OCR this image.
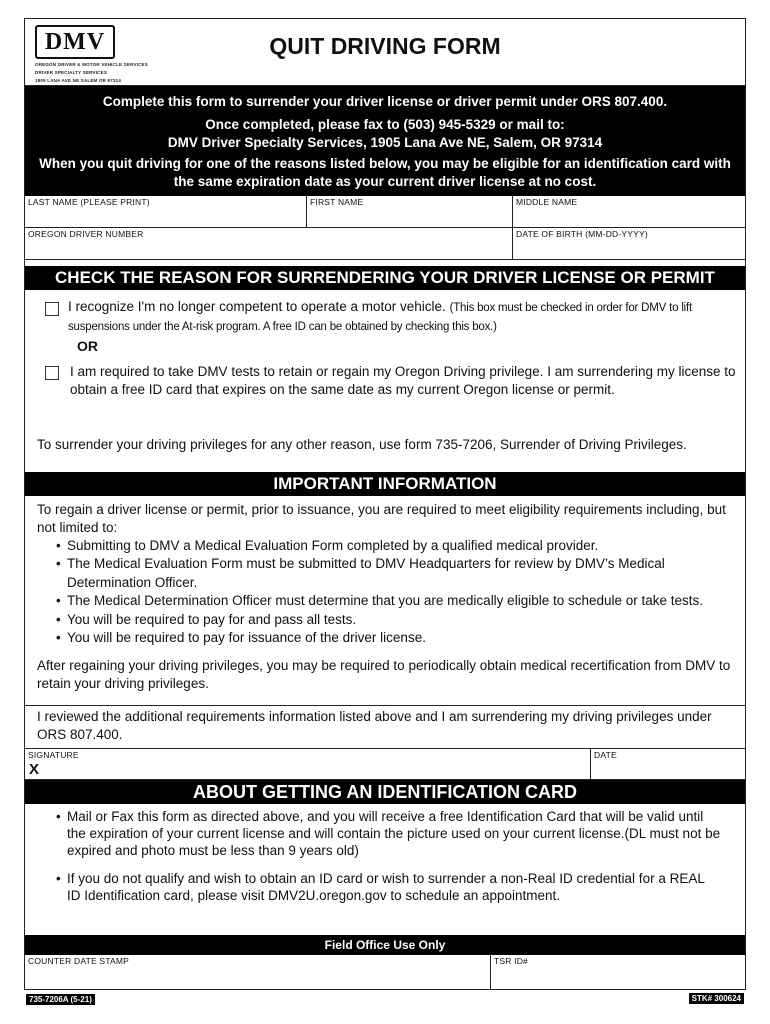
DMV
OREGON DRIVER & MOTOR VEHICLE SERVICES
DRIVER SPECIALTY SERVICES
1905 LANA AVE NE SALEM OR 97314
QUIT DRIVING FORM
Complete this form to surrender your driver license or driver permit under ORS 807.400.
Once completed, please fax to (503) 945-5329 or mail to:
DMV Driver Specialty Services, 1905 Lana Ave NE, Salem, OR 97314
When you quit driving for one of the reasons listed below, you may be eligible for an identification card with the same expiration date as your current driver license at no cost.
LAST NAME (PLEASE PRINT)	FIRST NAME	MIDDLE NAME
OREGON DRIVER NUMBER	DATE OF BIRTH (MM-DD-YYYY)
CHECK THE REASON FOR SURRENDERING YOUR DRIVER LICENSE OR PERMIT
I recognize I'm no longer competent to operate a motor vehicle. (This box must be checked in order for DMV to lift suspensions under the At-risk program. A free ID can be obtained by checking this box.)
OR
I am required to take DMV tests to retain or regain my Oregon Driving privilege. I am surrendering my license to obtain a free ID card that expires on the same date as my current Oregon license or permit.
To surrender your driving privileges for any other reason, use form 735-7206, Surrender of Driving Privileges.
IMPORTANT INFORMATION
To regain a driver license or permit, prior to issuance, you are required to meet eligibility requirements including, but not limited to:
• Submitting to DMV a Medical Evaluation Form completed by a qualified medical provider.
• The Medical Evaluation Form must be submitted to DMV Headquarters for review by DMV’s Medical Determination Officer.
• The Medical Determination Officer must determine that you are medically eligible to schedule or take tests.
• You will be required to pay for and pass all tests.
• You will be required to pay for issuance of the driver license.
After regaining your driving privileges, you may be required to periodically obtain medical recertification from DMV to retain your driving privileges.
I reviewed the additional requirements information listed above and I am surrendering my driving privileges under ORS 807.400.
SIGNATURE
X
DATE
ABOUT GETTING AN IDENTIFICATION CARD
• Mail or Fax this form as directed above, and you will receive a free Identification Card that will be valid until the expiration of your current license and will contain the picture used on your current license.(DL must not be expired and photo must be less than 9 years old)
• If you do not qualify and wish to obtain an ID card or wish to surrender a non-Real ID credential for a REAL ID Identification card, please visit DMV2U.oregon.gov to schedule an appointment.
Field Office Use Only
COUNTER DATE STAMP	TSR ID#
735-7206A (5-21)	STK# 300624
